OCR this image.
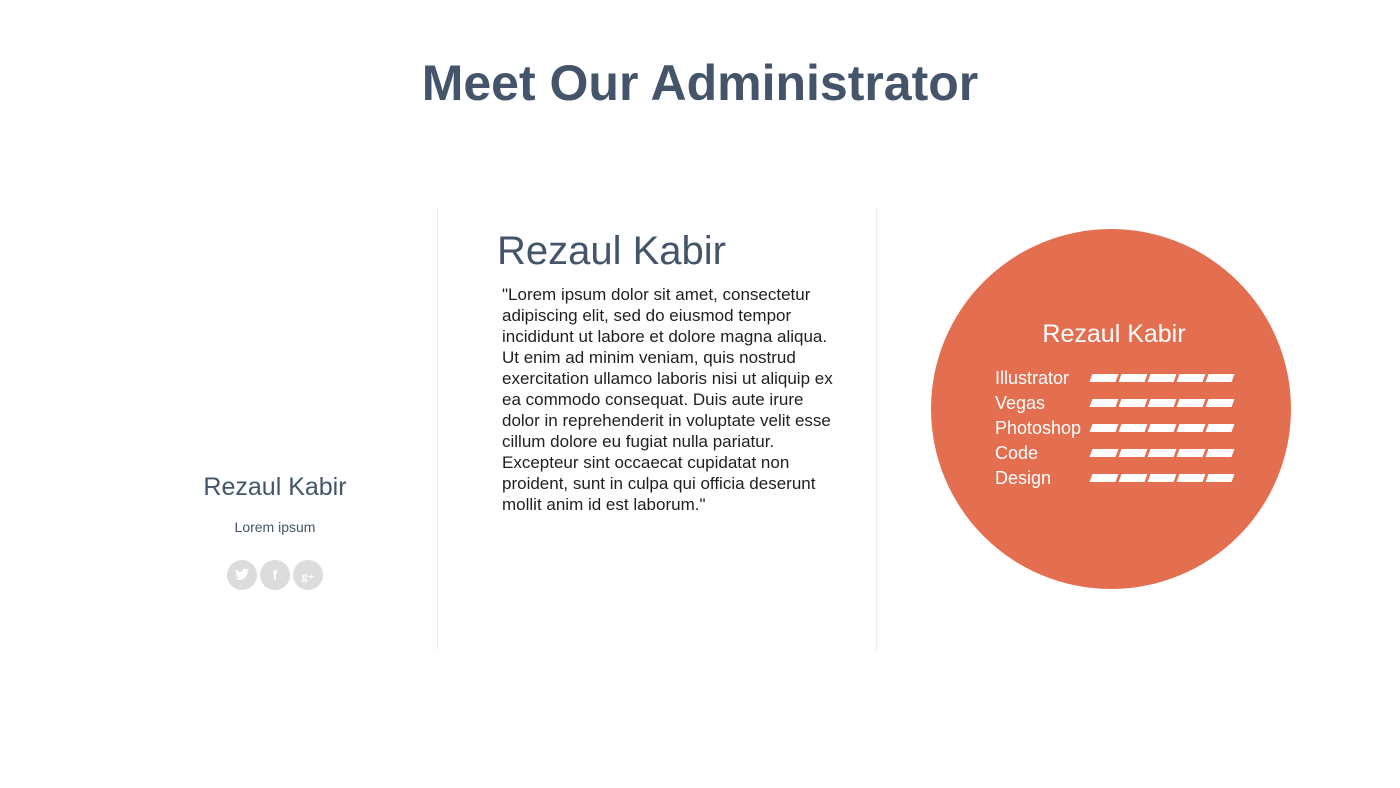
Meet Our Administrator
Rezaul Kabir
Lorem ipsum
f	g+
Rezaul Kabir
"Lorem ipsum dolor sit amet, consectetur adipiscing elit, sed do eiusmod tempor incididunt ut labore et dolore magna aliqua. Ut enim ad minim veniam, quis nostrud exercitation ullamco laboris nisi ut aliquip ex ea commodo consequat. Duis aute irure dolor in reprehenderit in voluptate velit esse cillum dolore eu fugiat nulla pariatur. Excepteur sint occaecat cupidatat non proident, sunt in culpa qui officia deserunt mollit anim id est laborum."
Rezaul Kabir
Illustrator
Vegas
Photoshop
Code
Design
